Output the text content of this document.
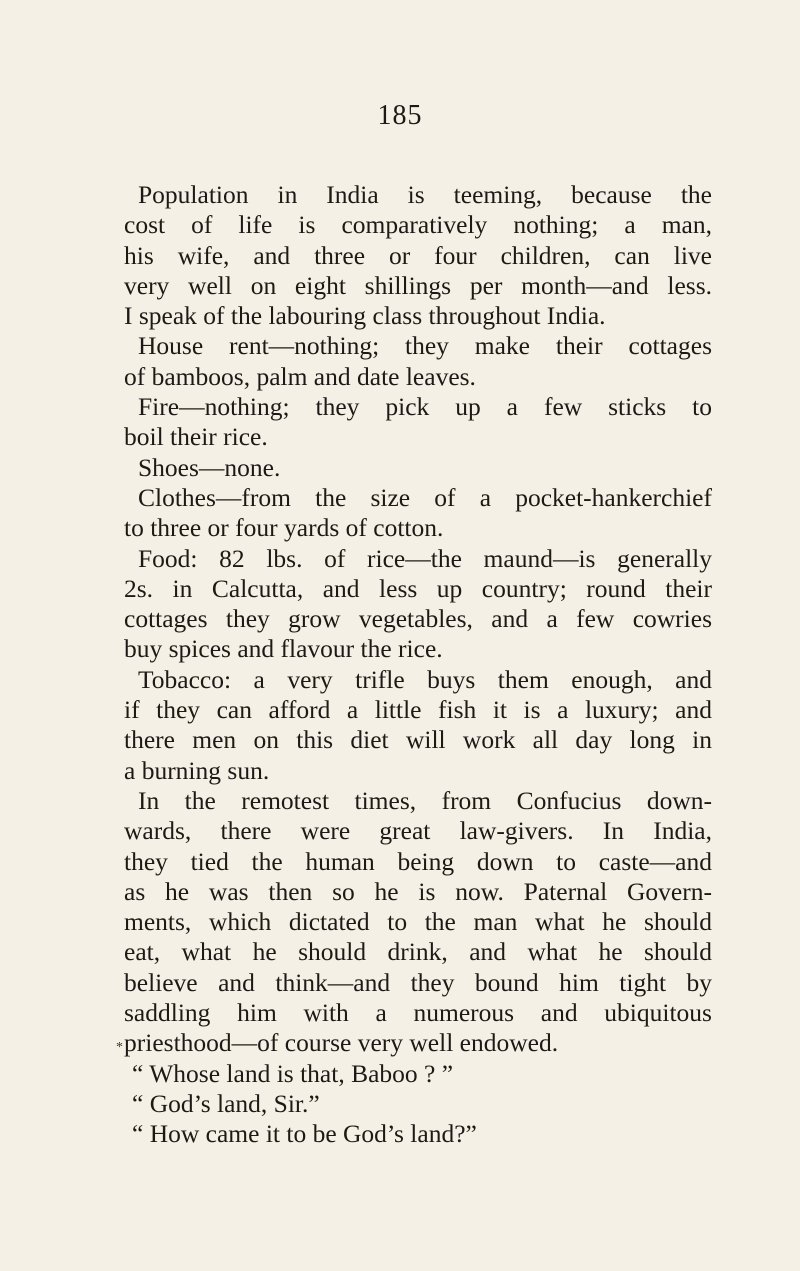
185
Population in India is teeming, because the
cost of life is comparatively nothing; a man,
his wife, and three or four children, can live
very well on eight shillings per month—and less.
I speak of the labouring class throughout India.
House rent—nothing; they make their cottages
of bamboos, palm and date leaves.
Fire—nothing; they pick up a few sticks to
boil their rice.
Shoes—none.
Clothes—from the size of a pocket-hankerchief
to three or four yards of cotton.
Food: 82 lbs. of rice—the maund—is generally
2s. in Calcutta, and less up country; round their
cottages they grow vegetables, and a few cowries
buy spices and flavour the rice.
Tobacco: a very trifle buys them enough, and
if they can afford a little fish it is a luxury; and
there men on this diet will work all day long in
a burning sun.
In the remotest times, from Confucius down-
wards, there were great law-givers. In India,
they tied the human being down to caste—and
as he was then so he is now. Paternal Govern-
ments, which dictated to the man what he should
eat, what he should drink, and what he should
believe and think—and they bound him tight by
saddling him with a numerous and ubiquitous
priesthood—of course very well endowed.
“ Whose land is that, Baboo ? ”
“ God’s land, Sir.”
“ How came it to be God’s land?”
*
